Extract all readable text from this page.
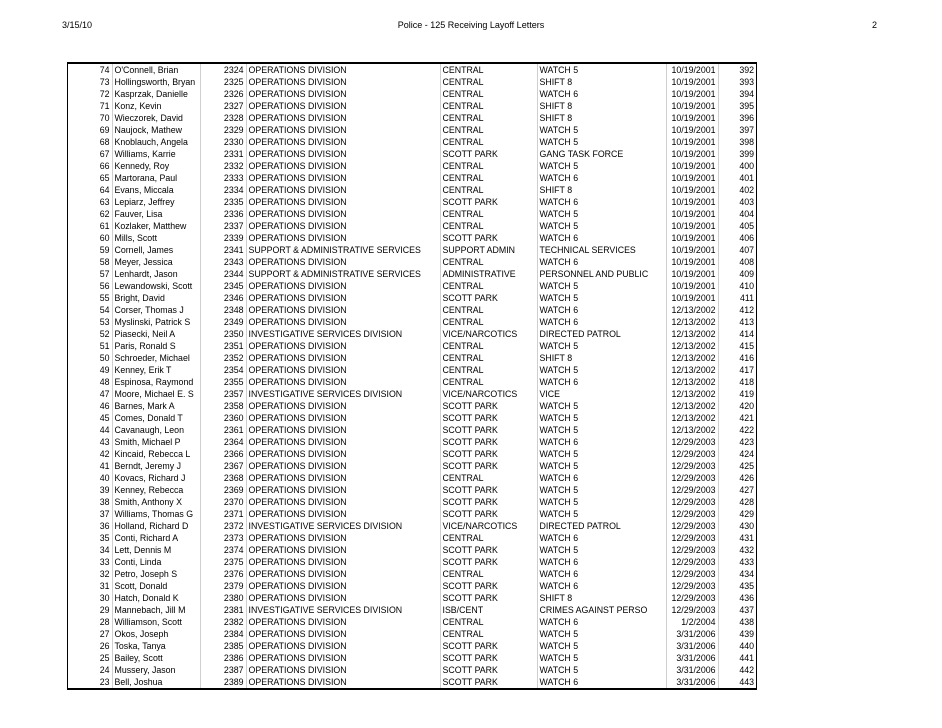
3/15/10	Police - 125 Receiving Layoff Letters	2
74	O'Connell, Brian	2324	OPERATIONS DIVISION	CENTRAL	WATCH 5	10/19/2001	392
73	Hollingsworth, Bryan	2325	OPERATIONS DIVISION	CENTRAL	SHIFT 8	10/19/2001	393
72	Kasprzak, Danielle	2326	OPERATIONS DIVISION	CENTRAL	WATCH 6	10/19/2001	394
71	Konz, Kevin	2327	OPERATIONS DIVISION	CENTRAL	SHIFT 8	10/19/2001	395
70	Wieczorek, David	2328	OPERATIONS DIVISION	CENTRAL	SHIFT 8	10/19/2001	396
69	Naujock, Mathew	2329	OPERATIONS DIVISION	CENTRAL	WATCH 5	10/19/2001	397
68	Knoblauch, Angela	2330	OPERATIONS DIVISION	CENTRAL	WATCH 5	10/19/2001	398
67	Williams, Karrie	2331	OPERATIONS DIVISION	SCOTT PARK	GANG TASK FORCE	10/19/2001	399
66	Kennedy, Roy	2332	OPERATIONS DIVISION	CENTRAL	WATCH 5	10/19/2001	400
65	Martorana, Paul	2333	OPERATIONS DIVISION	CENTRAL	WATCH 6	10/19/2001	401
64	Evans, Miccala	2334	OPERATIONS DIVISION	CENTRAL	SHIFT 8	10/19/2001	402
63	Lepiarz, Jeffrey	2335	OPERATIONS DIVISION	SCOTT PARK	WATCH 6	10/19/2001	403
62	Fauver, Lisa	2336	OPERATIONS DIVISION	CENTRAL	WATCH 5	10/19/2001	404
61	Kozlaker, Matthew	2337	OPERATIONS DIVISION	CENTRAL	WATCH 5	10/19/2001	405
60	Mills, Scott	2339	OPERATIONS DIVISION	SCOTT PARK	WATCH 6	10/19/2001	406
59	Cornell, James	2341	SUPPORT & ADMINISTRATIVE SERVICES	SUPPORT ADMIN	TECHNICAL SERVICES	10/19/2001	407
58	Meyer, Jessica	2343	OPERATIONS DIVISION	CENTRAL	WATCH 6	10/19/2001	408
57	Lenhardt, Jason	2344	SUPPORT & ADMINISTRATIVE SERVICES	ADMINISTRATIVE	PERSONNEL AND PUBLIC	10/19/2001	409
56	Lewandowski, Scott	2345	OPERATIONS DIVISION	CENTRAL	WATCH 5	10/19/2001	410
55	Bright, David	2346	OPERATIONS DIVISION	SCOTT PARK	WATCH 5	10/19/2001	411
54	Corser, Thomas J	2348	OPERATIONS DIVISION	CENTRAL	WATCH 6	12/13/2002	412
53	Myslinski, Patrick S	2349	OPERATIONS DIVISION	CENTRAL	WATCH 6	12/13/2002	413
52	Piasecki, Neil A	2350	INVESTIGATIVE SERVICES DIVISION	VICE/NARCOTICS	DIRECTED PATROL	12/13/2002	414
51	Paris, Ronald S	2351	OPERATIONS DIVISION	CENTRAL	WATCH 5	12/13/2002	415
50	Schroeder, Michael	2352	OPERATIONS DIVISION	CENTRAL	SHIFT 8	12/13/2002	416
49	Kenney, Erik T	2354	OPERATIONS DIVISION	CENTRAL	WATCH 5	12/13/2002	417
48	Espinosa, Raymond	2355	OPERATIONS DIVISION	CENTRAL	WATCH 6	12/13/2002	418
47	Moore, Michael E. S	2357	INVESTIGATIVE SERVICES DIVISION	VICE/NARCOTICS	VICE	12/13/2002	419
46	Barnes, Mark A	2358	OPERATIONS DIVISION	SCOTT PARK	WATCH 5	12/13/2002	420
45	Comes, Donald T	2360	OPERATIONS DIVISION	SCOTT PARK	WATCH 5	12/13/2002	421
44	Cavanaugh, Leon	2361	OPERATIONS DIVISION	SCOTT PARK	WATCH 5	12/13/2002	422
43	Smith, Michael P	2364	OPERATIONS DIVISION	SCOTT PARK	WATCH 6	12/29/2003	423
42	Kincaid, Rebecca L	2366	OPERATIONS DIVISION	SCOTT PARK	WATCH 5	12/29/2003	424
41	Berndt, Jeremy J	2367	OPERATIONS DIVISION	SCOTT PARK	WATCH 5	12/29/2003	425
40	Kovacs, Richard J	2368	OPERATIONS DIVISION	CENTRAL	WATCH 6	12/29/2003	426
39	Kenney, Rebecca	2369	OPERATIONS DIVISION	SCOTT PARK	WATCH 5	12/29/2003	427
38	Smith, Anthony X	2370	OPERATIONS DIVISION	SCOTT PARK	WATCH 5	12/29/2003	428
37	Williams, Thomas G	2371	OPERATIONS DIVISION	SCOTT PARK	WATCH 5	12/29/2003	429
36	Holland, Richard D	2372	INVESTIGATIVE SERVICES DIVISION	VICE/NARCOTICS	DIRECTED PATROL	12/29/2003	430
35	Conti, Richard A	2373	OPERATIONS DIVISION	CENTRAL	WATCH 6	12/29/2003	431
34	Lett, Dennis M	2374	OPERATIONS DIVISION	SCOTT PARK	WATCH 5	12/29/2003	432
33	Conti, Linda	2375	OPERATIONS DIVISION	SCOTT PARK	WATCH 6	12/29/2003	433
32	Petro, Joseph S	2376	OPERATIONS DIVISION	CENTRAL	WATCH 6	12/29/2003	434
31	Scott, Donald	2379	OPERATIONS DIVISION	SCOTT PARK	WATCH 6	12/29/2003	435
30	Hatch, Donald K	2380	OPERATIONS DIVISION	SCOTT PARK	SHIFT 8	12/29/2003	436
29	Mannebach, Jill M	2381	INVESTIGATIVE SERVICES DIVISION	ISB/CENT	CRIMES AGAINST PERSO	12/29/2003	437
28	Williamson, Scott	2382	OPERATIONS DIVISION	CENTRAL	WATCH 6	1/2/2004	438
27	Okos, Joseph	2384	OPERATIONS DIVISION	CENTRAL	WATCH 5	3/31/2006	439
26	Toska, Tanya	2385	OPERATIONS DIVISION	SCOTT PARK	WATCH 5	3/31/2006	440
25	Bailey, Scott	2386	OPERATIONS DIVISION	SCOTT PARK	WATCH 5	3/31/2006	441
24	Mussery, Jason	2387	OPERATIONS DIVISION	SCOTT PARK	WATCH 5	3/31/2006	442
23	Bell, Joshua	2389	OPERATIONS DIVISION	SCOTT PARK	WATCH 6	3/31/2006	443
